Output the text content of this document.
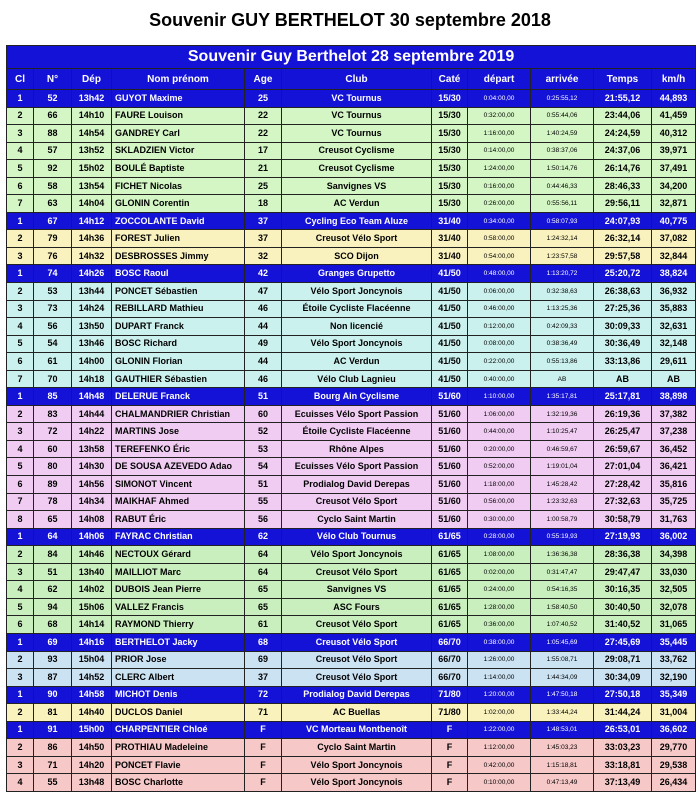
Souvenir GUY BERTHELOT 30 septembre 2018
Souvenir Guy Berthelot 28 septembre 2019										
Cl	N°	Dép	Nom prénom	Age	Club	Caté	départ	arrivée	Temps	km/h
1	52	13h42	GUYOT Maxime	25	VC Tournus	15/30	0:04:00,00	0:25:55,12	21:55,12	44,893
2	66	14h10	FAURE Louison	22	VC Tournus	15/30	0:32:00,00	0:55:44,06	23:44,06	41,459
3	88	14h54	GANDREY Carl	22	VC Tournus	15/30	1:16:00,00	1:40:24,59	24:24,59	40,312
4	57	13h52	SKLADZIEN Victor	17	Creusot Cyclisme	15/30	0:14:00,00	0:38:37,06	24:37,06	39,971
5	92	15h02	BOULÉ Baptiste	21	Creusot Cyclisme	15/30	1:24:00,00	1:50:14,76	26:14,76	37,491
6	58	13h54	FICHET Nicolas	25	Sanvignes VS	15/30	0:16:00,00	0:44:46,33	28:46,33	34,200
7	63	14h04	GLONIN Corentin	18	AC Verdun	15/30	0:26:00,00	0:55:56,11	29:56,11	32,871
1	67	14h12	ZOCCOLANTE David	37	Cycling Eco Team Aluze	31/40	0:34:00,00	0:58:07,93	24:07,93	40,775
2	79	14h36	FOREST Julien	37	Creusot Vélo Sport	31/40	0:58:00,00	1:24:32,14	26:32,14	37,082
3	76	14h32	DESBROSSES Jimmy	32	SCO Dijon	31/40	0:54:00,00	1:23:57,58	29:57,58	32,844
1	74	14h26	BOSC Raoul	42	Granges Grupetto	41/50	0:48:00,00	1:13:20,72	25:20,72	38,824
2	53	13h44	PONCET Sébastien	47	Vélo Sport Joncynois	41/50	0:06:00,00	0:32:38,63	26:38,63	36,932
3	73	14h24	REBILLARD Mathieu	46	Étoile Cycliste Flacéenne	41/50	0:46:00,00	1:13:25,36	27:25,36	35,883
4	56	13h50	DUPART Franck	44	Non licencié	41/50	0:12:00,00	0:42:09,33	30:09,33	32,631
5	54	13h46	BOSC Richard	49	Vélo Sport Joncynois	41/50	0:08:00,00	0:38:36,49	30:36,49	32,148
6	61	14h00	GLONIN Florian	44	AC Verdun	41/50	0:22:00,00	0:55:13,86	33:13,86	29,611
7	70	14h18	GAUTHIER Sébastien	46	Vélo Club Lagnieu	41/50	0:40:00,00	AB	AB	AB
1	85	14h48	DELERUE Franck	51	Bourg Ain Cyclisme	51/60	1:10:00,00	1:35:17,81	25:17,81	38,898
2	83	14h44	CHALMANDRIER Christian	60	Ecuisses Vélo Sport Passion	51/60	1:06:00,00	1:32:19,36	26:19,36	37,382
3	72	14h22	MARTINS Jose	52	Étoile Cycliste Flacéenne	51/60	0:44:00,00	1:10:25,47	26:25,47	37,238
4	60	13h58	TEREFENKO Éric	53	Rhône Alpes	51/60	0:20:00,00	0:46:59,67	26:59,67	36,452
5	80	14h30	DE SOUSA AZEVEDO Adao	54	Ecuisses Vélo Sport Passion	51/60	0:52:00,00	1:19:01,04	27:01,04	36,421
6	89	14h56	SIMONOT Vincent	51	Prodialog David Derepas	51/60	1:18:00,00	1:45:28,42	27:28,42	35,816
7	78	14h34	MAIKHAF Ahmed	55	Creusot Vélo Sport	51/60	0:56:00,00	1:23:32,63	27:32,63	35,725
8	65	14h08	RABUT Éric	56	Cyclo Saint Martin	51/60	0:30:00,00	1:00:58,79	30:58,79	31,763
1	64	14h06	FAYRAC Christian	62	Vélo Club Tournus	61/65	0:28:00,00	0:55:19,93	27:19,93	36,002
2	84	14h46	NECTOUX Gérard	64	Vélo Sport Joncynois	61/65	1:08:00,00	1:36:36,38	28:36,38	34,398
3	51	13h40	MAILLIOT Marc	64	Creusot Vélo Sport	61/65	0:02:00,00	0:31:47,47	29:47,47	33,030
4	62	14h02	DUBOIS Jean Pierre	65	Sanvignes VS	61/65	0:24:00,00	0:54:16,35	30:16,35	32,505
5	94	15h06	VALLEZ Francis	65	ASC Fours	61/65	1:28:00,00	1:58:40,50	30:40,50	32,078
6	68	14h14	RAYMOND Thierry	61	Creusot Vélo Sport	61/65	0:36:00,00	1:07:40,52	31:40,52	31,065
1	69	14h16	BERTHELOT Jacky	68	Creusot Vélo Sport	66/70	0:38:00,00	1:05:45,69	27:45,69	35,445
2	93	15h04	PRIOR Jose	69	Creusot Vélo Sport	66/70	1:26:00,00	1:55:08,71	29:08,71	33,762
3	87	14h52	CLERC Albert	37	Creusot Vélo Sport	66/70	1:14:00,00	1:44:34,09	30:34,09	32,190
1	90	14h58	MICHOT Denis	72	Prodialog David Derepas	71/80	1:20:00,00	1:47:50,18	27:50,18	35,349
2	81	14h40	DUCLOS Daniel	71	AC Buellas	71/80	1:02:00,00	1:33:44,24	31:44,24	31,004
1	91	15h00	CHARPENTIER Chloé	F	VC Morteau Montbenoît	F	1:22:00,00	1:48:53,01	26:53,01	36,602
2	86	14h50	PROTHIAU Madeleine	F	Cyclo Saint Martin	F	1:12:00,00	1:45:03,23	33:03,23	29,770
3	71	14h20	PONCET Flavie	F	Vélo Sport Joncynois	F	0:42:00,00	1:15:18,81	33:18,81	29,538
4	55	13h48	BOSC Charlotte	F	Vélo Sport Joncynois	F	0:10:00,00	0:47:13,49	37:13,49	26,434
